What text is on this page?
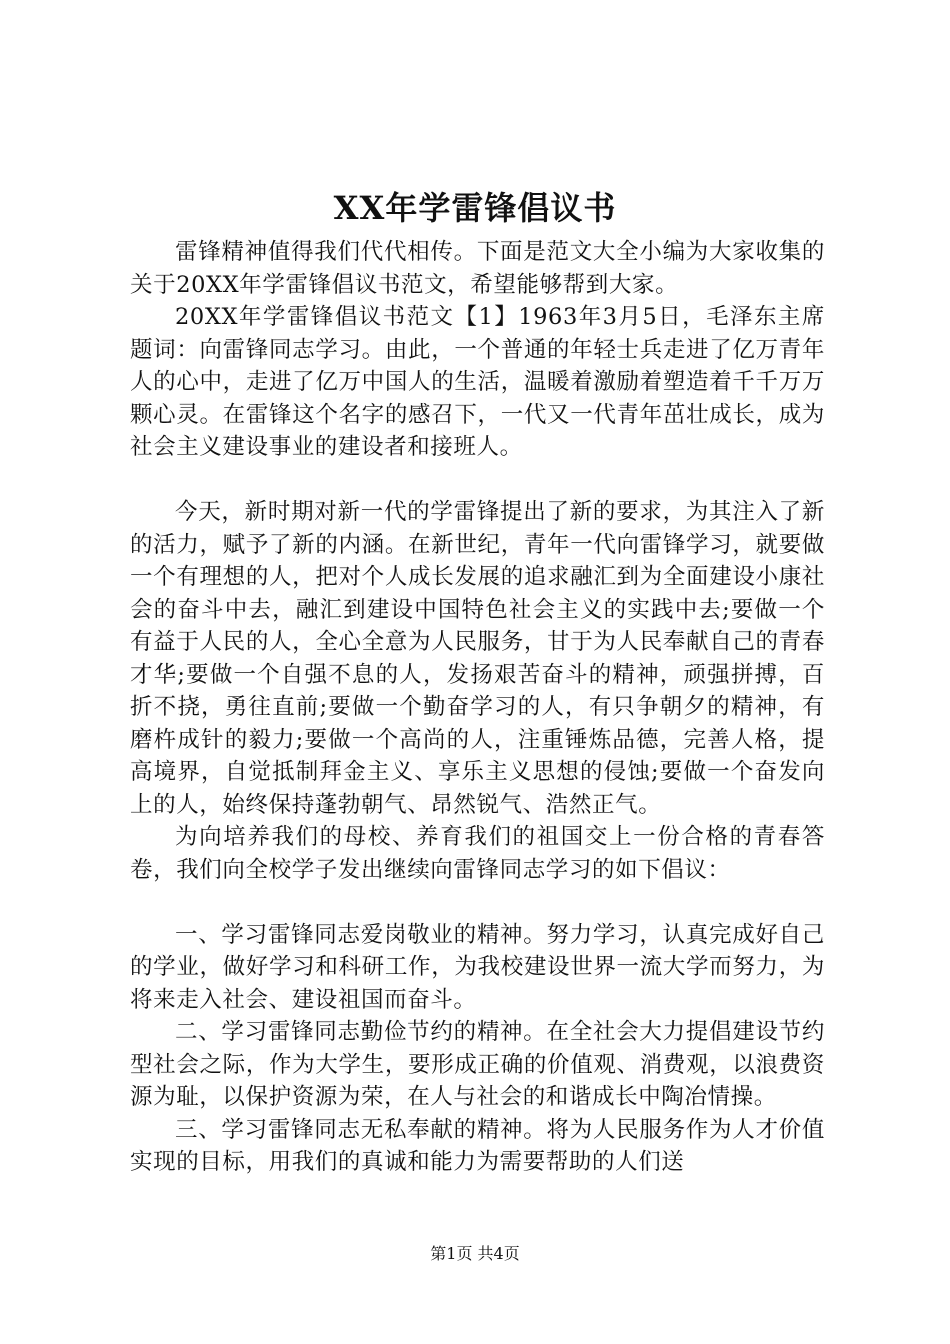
XX年学雷锋倡议书

雷锋精神值得我们代代相传。下面是范文大全小编为大家收集的关于20XX年学雷锋倡议书范文，希望能够帮到大家。

20XX年学雷锋倡议书范文【1】1963年3月5日，毛泽东主席题词：向雷锋同志学习。由此，一个普通的年轻士兵走进了亿万青年人的心中，走进了亿万中国人的生活，温暖着激励着塑造着千千万万颗心灵。在雷锋这个名字的感召下，一代又一代青年茁壮成长，成为社会主义建设事业的建设者和接班人。

今天，新时期对新一代的学雷锋提出了新的要求，为其注入了新的活力，赋予了新的内涵。在新世纪，青年一代向雷锋学习，就要做一个有理想的人，把对个人成长发展的追求融汇到为全面建设小康社会的奋斗中去，融汇到建设中国特色社会主义的实践中去;要做一个有益于人民的人，全心全意为人民服务，甘于为人民奉献自己的青春才华;要做一个自强不息的人，发扬艰苦奋斗的精神，顽强拼搏，百折不挠，勇往直前;要做一个勤奋学习的人，有只争朝夕的精神，有磨杵成针的毅力;要做一个高尚的人，注重锤炼品德，完善人格，提高境界，自觉抵制拜金主义、享乐主义思想的侵蚀;要做一个奋发向上的人，始终保持蓬勃朝气、昂然锐气、浩然正气。

为向培养我们的母校、养育我们的祖国交上一份合格的青春答卷，我们向全校学子发出继续向雷锋同志学习的如下倡议：

一、学习雷锋同志爱岗敬业的精神。努力学习，认真完成好自己的学业，做好学习和科研工作，为我校建设世界一流大学而努力，为将来走入社会、建设祖国而奋斗。

二、学习雷锋同志勤俭节约的精神。在全社会大力提倡建设节约型社会之际，作为大学生，要形成正确的价值观、消费观，以浪费资源为耻，以保护资源为荣，在人与社会的和谐成长中陶冶情操。

三、学习雷锋同志无私奉献的精神。将为人民服务作为人才价值实现的目标，用我们的真诚和能力为需要帮助的人们送

第1页 共4页
